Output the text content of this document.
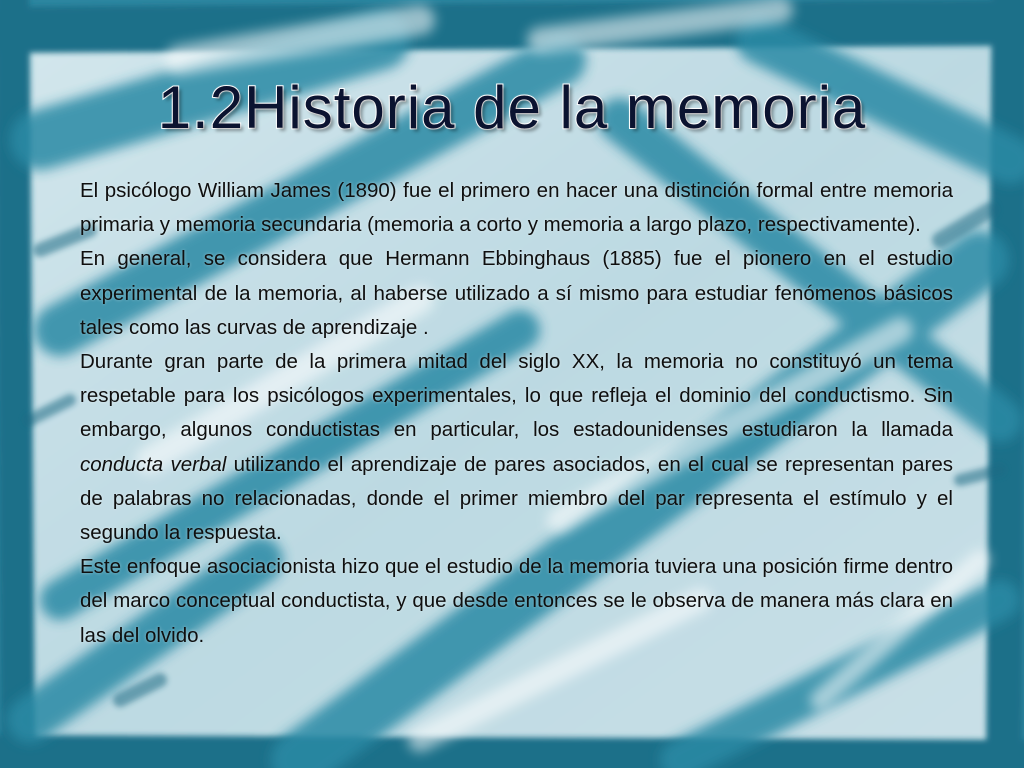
1.2Historia de la memoria

El psicólogo William James (1890) fue el primero en hacer una distinción formal entre memoria primaria y memoria secundaria (memoria a corto y memoria a largo plazo, respectivamente).

En general, se considera que Hermann Ebbinghaus (1885) fue el pionero en el estudio experimental de la memoria, al haberse utilizado a sí mismo para estudiar fenómenos básicos tales como las curvas de aprendizaje .

Durante gran parte de la primera mitad del siglo XX, la memoria no constituyó un tema respetable para los psicólogos experimentales, lo que refleja el dominio del conductismo. Sin embargo, algunos conductistas en particular, los estadounidenses estudiaron la llamada conducta verbal utilizando el aprendizaje de pares asociados, en el cual se representan pares de palabras no relacionadas, donde el primer miembro del par representa el estímulo y el segundo la respuesta.

Este enfoque asociacionista hizo que el estudio de la memoria tuviera una posición firme dentro del marco conceptual conductista, y que desde entonces se le observa de manera más clara en las del olvido.
